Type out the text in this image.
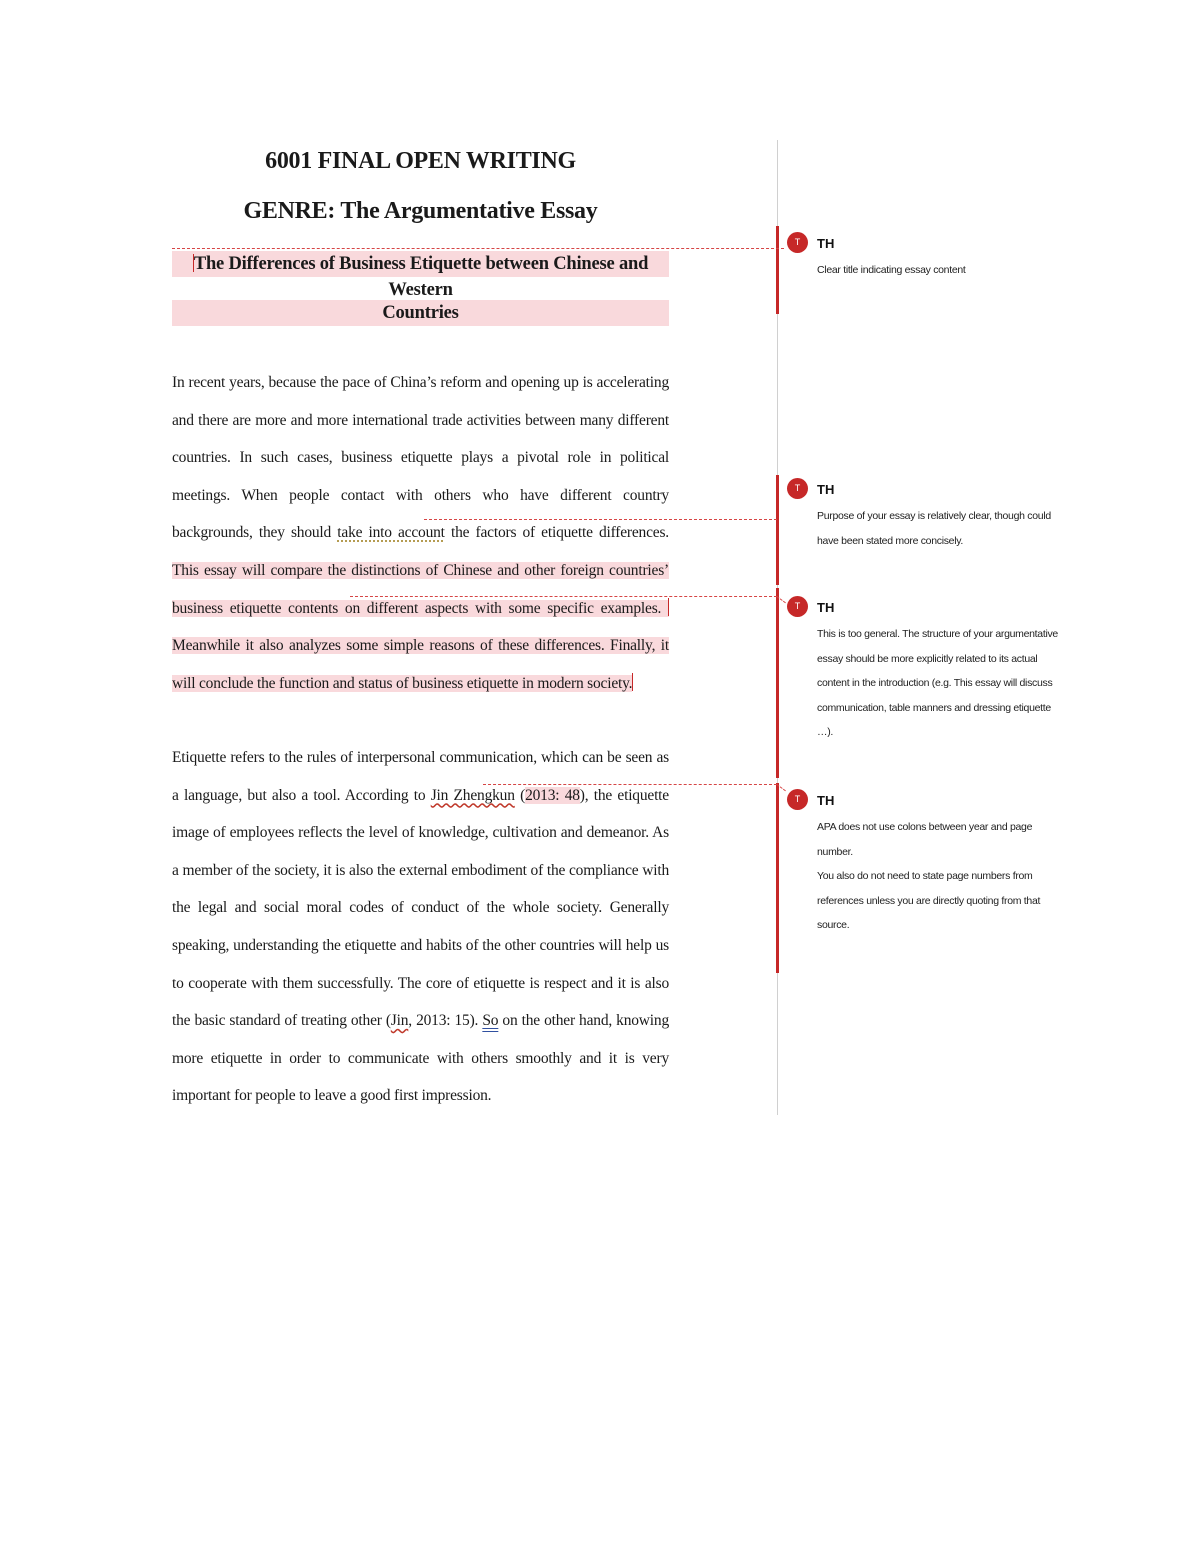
6001 FINAL OPEN WRITING
GENRE: The Argumentative Essay
The Differences of Business Etiquette between Chinese and Western
Countries
In recent years, because the pace of China’s reform and opening up is accelerating and there are more and more international trade activities between many different countries. In such cases, business etiquette plays a pivotal role in political meetings. When people contact with others who have different country backgrounds, they should take into account the factors of etiquette differences. This essay will compare the distinctions of Chinese and other foreign countries’ business etiquette contents on different aspects with some specific examples. Meanwhile it also analyzes some simple reasons of these differences. Finally, it will conclude the function and status of business etiquette in modern society.
Etiquette refers to the rules of interpersonal communication, which can be seen as a language, but also a tool. According to Jin Zhengkun (2013: 48), the etiquette image of employees reflects the level of knowledge, cultivation and demeanor. As a member of the society, it is also the external embodiment of the compliance with the legal and social moral codes of conduct of the whole society. Generally speaking, understanding the etiquette and habits of the other countries will help us to cooperate with them successfully. The core of etiquette is respect and it is also the basic standard of treating other (Jin, 2013: 15). So on the other hand, knowing more etiquette in order to communicate with others smoothly and it is very important for people to leave a good first impression.
T	TH
Clear title indicating essay content
T	TH
Purpose of your essay is relatively clear, though could have been stated more concisely.
T	TH
This is too general. The structure of your argumentative essay should be more explicitly related to its actual content in the introduction (e.g. This essay will discuss communication, table manners and dressing etiquette …).
T	TH
APA does not use colons between year and page number.
You also do not need to state page numbers from references unless you are directly quoting from that source.
